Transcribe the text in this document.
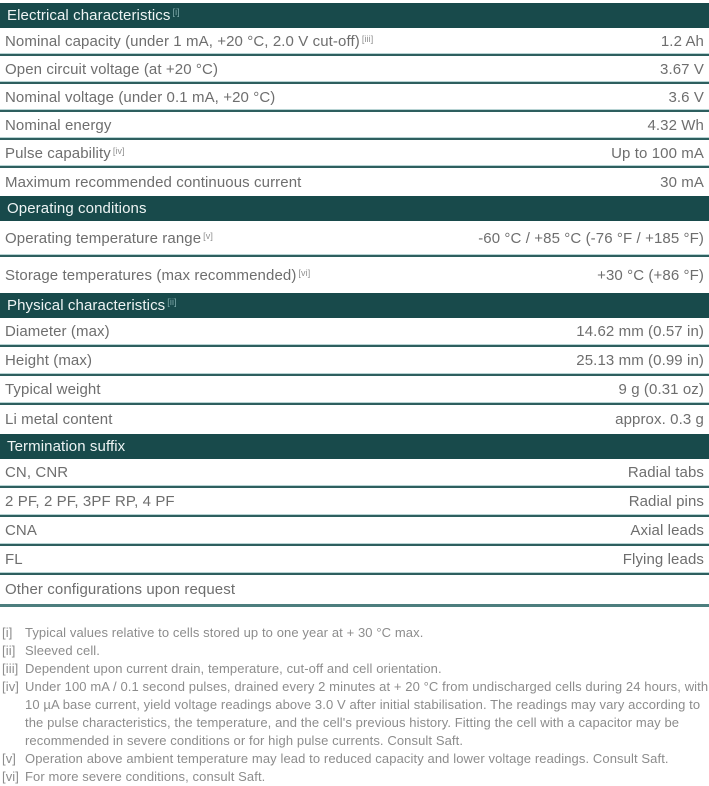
Electrical characteristics [i]
Nominal capacity (under 1 mA, +20 °C, 2.0 V cut-off) [iii]	1.2 Ah
Open circuit voltage (at +20 °C)	3.67 V
Nominal voltage (under 0.1 mA, +20 °C)	3.6 V
Nominal energy	4.32 Wh
Pulse capability [iv]	Up to 100 mA
Maximum recommended continuous current	30 mA
Operating conditions
Operating temperature range [v]	-60 °C / +85 °C (-76 °F / +185 °F)
Storage temperatures (max recommended) [vi]	+30 °C (+86 °F)
Physical characteristics [ii]
Diameter (max)	14.62 mm (0.57 in)
Height (max)	25.13 mm (0.99 in)
Typical weight	9 g (0.31 oz)
Li metal content	approx. 0.3 g
Termination suffix
CN, CNR	Radial tabs
2 PF, 2 PF, 3PF RP, 4 PF	Radial pins
CNA	Axial leads
FL	Flying leads
Other configurations upon request
[i] Typical values relative to cells stored up to one year at + 30 °C max.
[ii] Sleeved cell.
[iii] Dependent upon current drain, temperature, cut-off and cell orientation.
[iv] Under 100 mA / 0.1 second pulses, drained every 2 minutes at + 20 °C from undischarged cells during 24 hours, with 10 µA base current, yield voltage readings above 3.0 V after initial stabilisation. The readings may vary according to the pulse characteristics, the temperature, and the cell's previous history. Fitting the cell with a capacitor may be recommended in severe conditions or for high pulse currents. Consult Saft.
[v] Operation above ambient temperature may lead to reduced capacity and lower voltage readings. Consult Saft.
[vi] For more severe conditions, consult Saft.
